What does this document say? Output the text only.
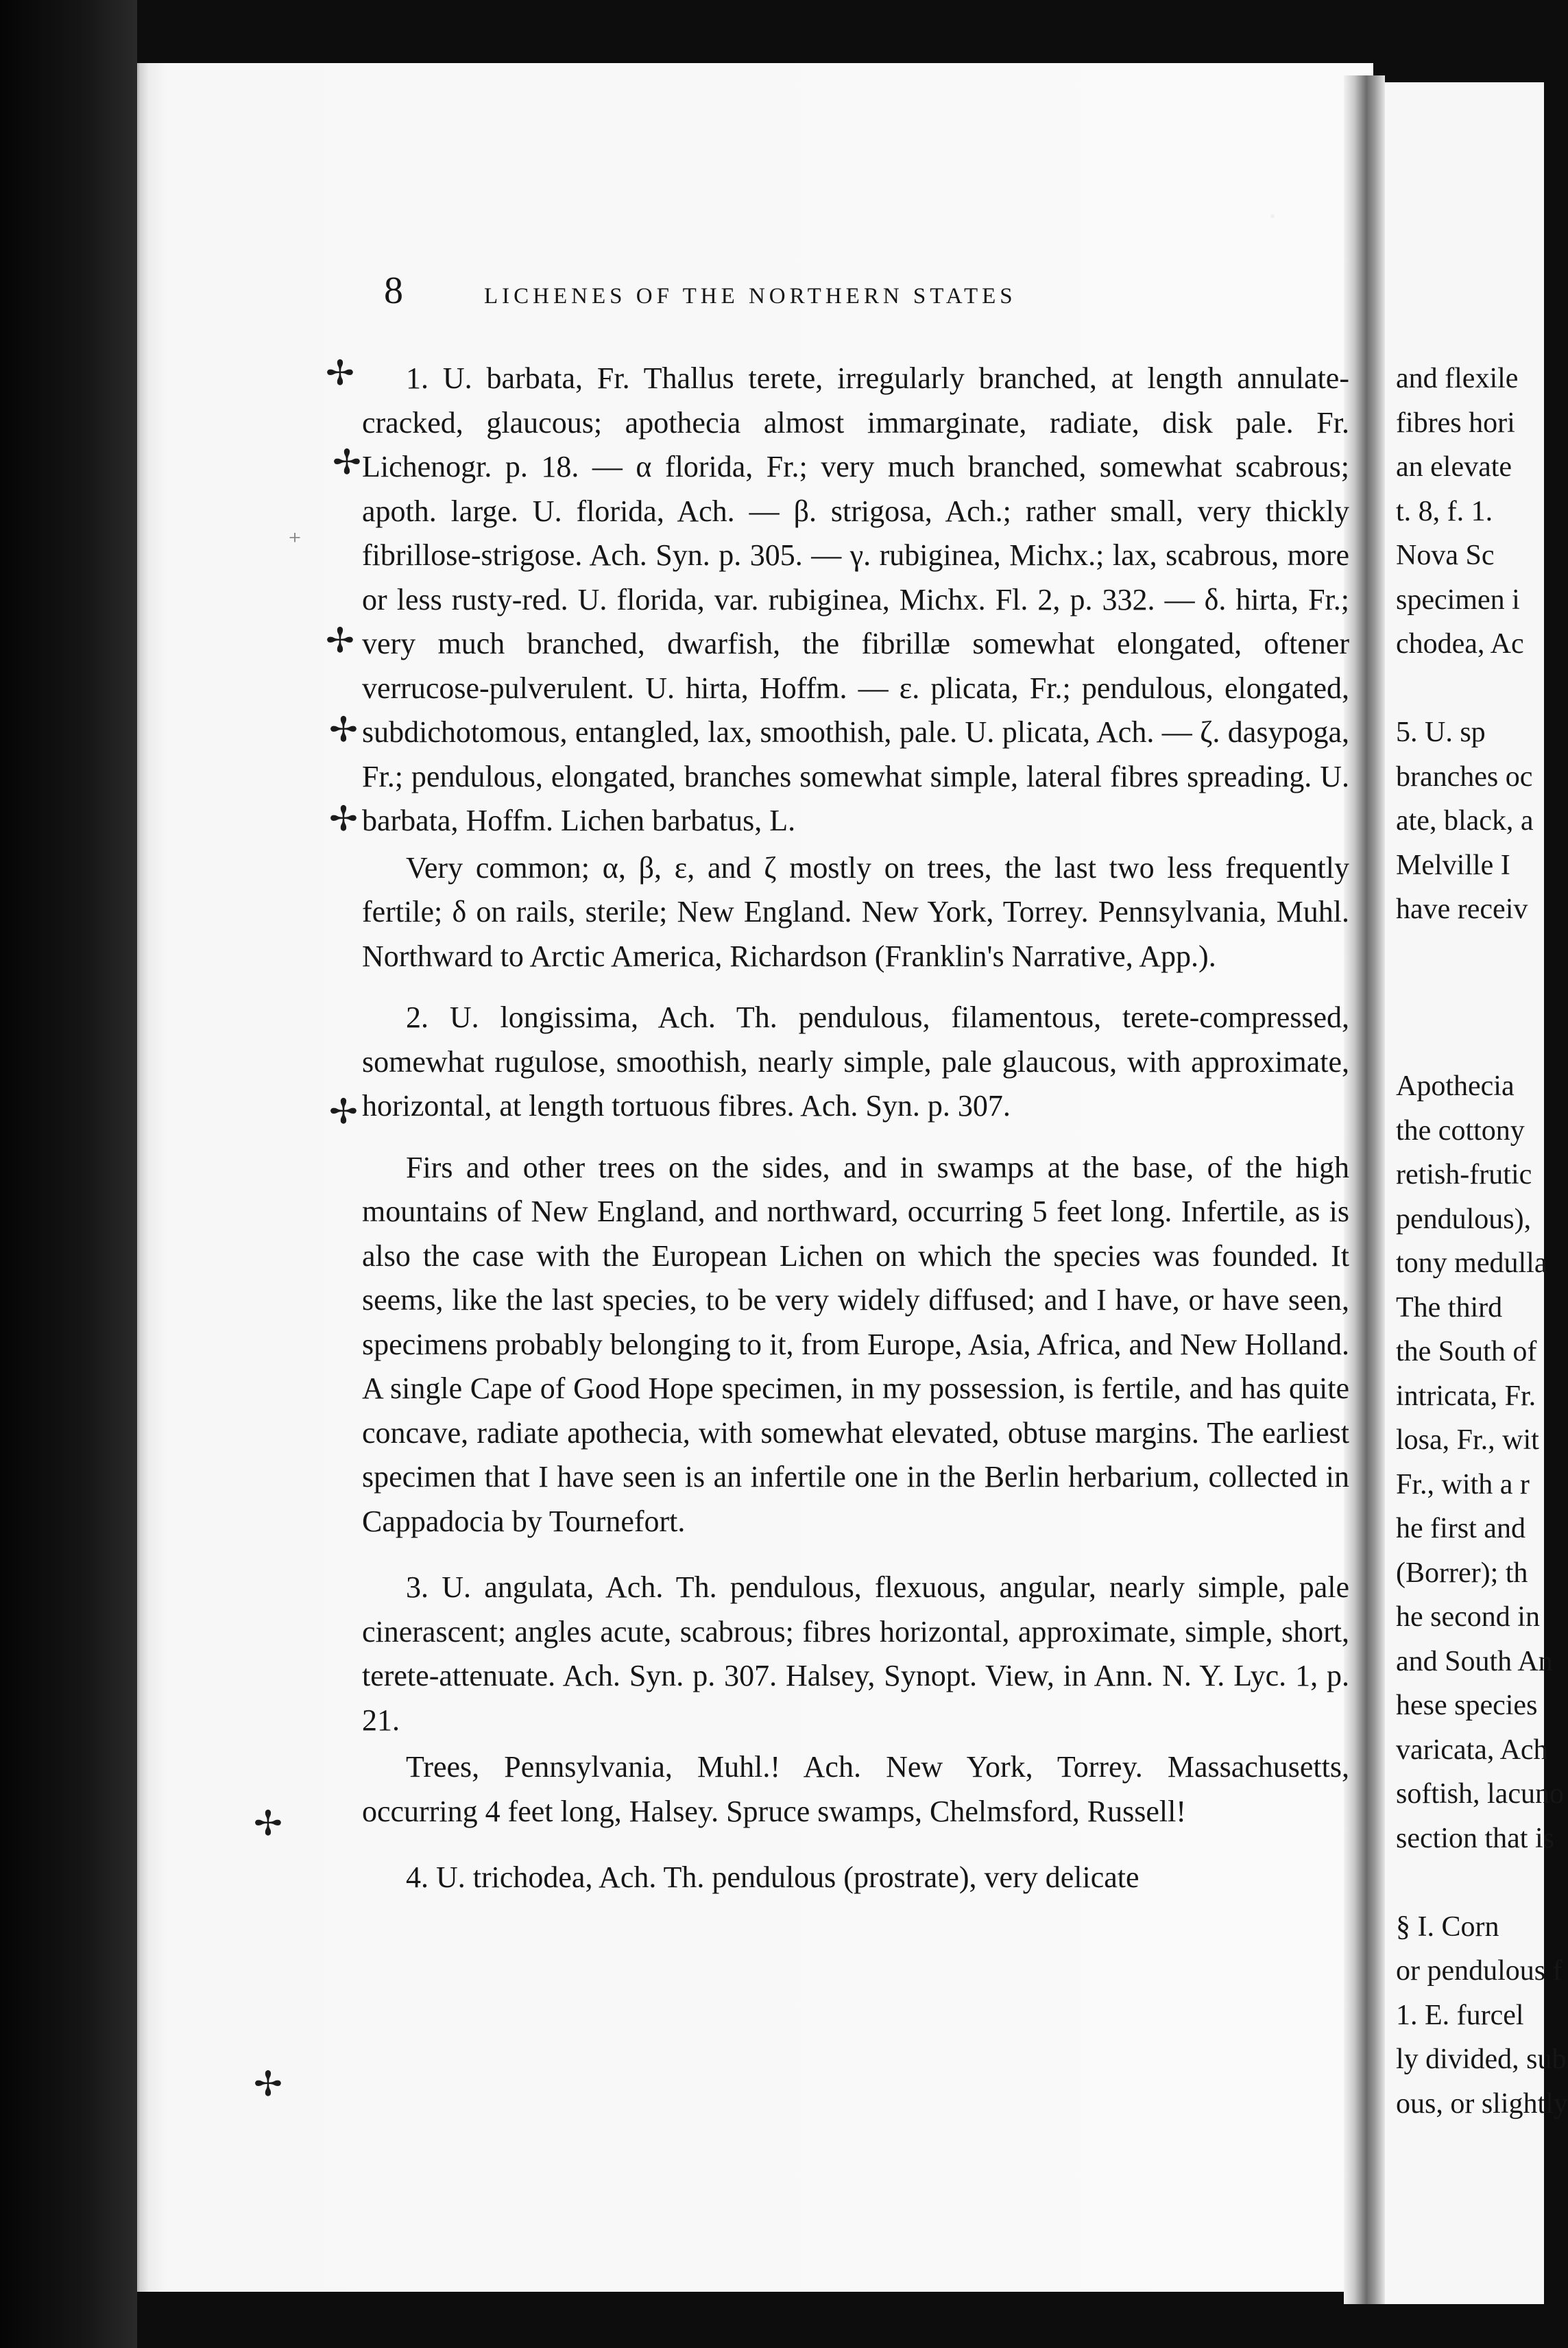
8	LICHENES OF THE NORTHERN STATES
✢
✢
⁺
✢
✢
✢
✢
✢
✢

1. U. barbata, Fr. Thallus terete, irregularly branched, at length annulate-cracked, glaucous; apothecia almost immarginate, radiate, disk pale. Fr. Lichenogr. p. 18. — α florida, Fr.; very much branched, somewhat scabrous; apoth. large. U. florida, Ach. — β. strigosa, Ach.; rather small, very thickly fibrillose-strigose. Ach. Syn. p. 305. — γ. rubiginea, Michx.; lax, scabrous, more or less rusty-red. U. florida, var. rubiginea, Michx. Fl. 2, p. 332. — δ. hirta, Fr.; very much branched, dwarfish, the fibrillæ somewhat elongated, oftener verrucose-pulverulent. U. hirta, Hoffm. — ε. plicata, Fr.; pendulous, elongated, subdichotomous, entangled, lax, smoothish, pale. U. plicata, Ach. — ζ. dasypoga, Fr.; pendulous, elongated, branches somewhat simple, lateral fibres spreading. U. barbata, Hoffm. Lichen barbatus, L.

Very common; α, β, ε, and ζ mostly on trees, the last two less frequently fertile; δ on rails, sterile; New England. New York, Torrey. Pennsylvania, Muhl. Northward to Arctic America, Richardson (Franklin's Narrative, App.).

2. U. longissima, Ach. Th. pendulous, filamentous, terete-compressed, somewhat rugulose, smoothish, nearly simple, pale glaucous, with approximate, horizontal, at length tortuous fibres. Ach. Syn. p. 307.

Firs and other trees on the sides, and in swamps at the base, of the high mountains of New England, and northward, occurring 5 feet long. Infertile, as is also the case with the European Lichen on which the species was founded. It seems, like the last species, to be very widely diffused; and I have, or have seen, specimens probably belonging to it, from Europe, Asia, Africa, and New Holland. A single Cape of Good Hope specimen, in my possession, is fertile, and has quite concave, radiate apothecia, with somewhat elevated, obtuse margins. The earliest specimen that I have seen is an infertile one in the Berlin herbarium, collected in Cappadocia by Tournefort.

3. U. angulata, Ach. Th. pendulous, flexuous, angular, nearly simple, pale cinerascent; angles acute, scabrous; fibres horizontal, approximate, simple, short, terete-attenuate. Ach. Syn. p. 307. Halsey, Synopt. View, in Ann. N. Y. Lyc. 1, p. 21.

Trees, Pennsylvania, Muhl.! Ach. New York, Torrey. Massachusetts, occurring 4 feet long, Halsey. Spruce swamps, Chelmsford, Russell!

4. U. trichodea, Ach. Th. pendulous (prostrate), very delicate

and flexile
fibres hori
an elevate
t. 8, f. 1.
Nova Sc
specimen i
chodea, Ac
5. U. sp
branches oc
ate, black, a
Melville I
have receiv
Apothecia
the cottony
retish-frutic
pendulous),
tony medulla
The third
the South of
intricata, Fr.
losa, Fr., wit
Fr., with a r
he first and
(Borrer); th
he second in
and South An
hese species
varicata, Ach
softish, lacuno
section that is
§ I. Corn
or pendulous f
1. E. furcel
ly divided, sub
ous, or slightly
